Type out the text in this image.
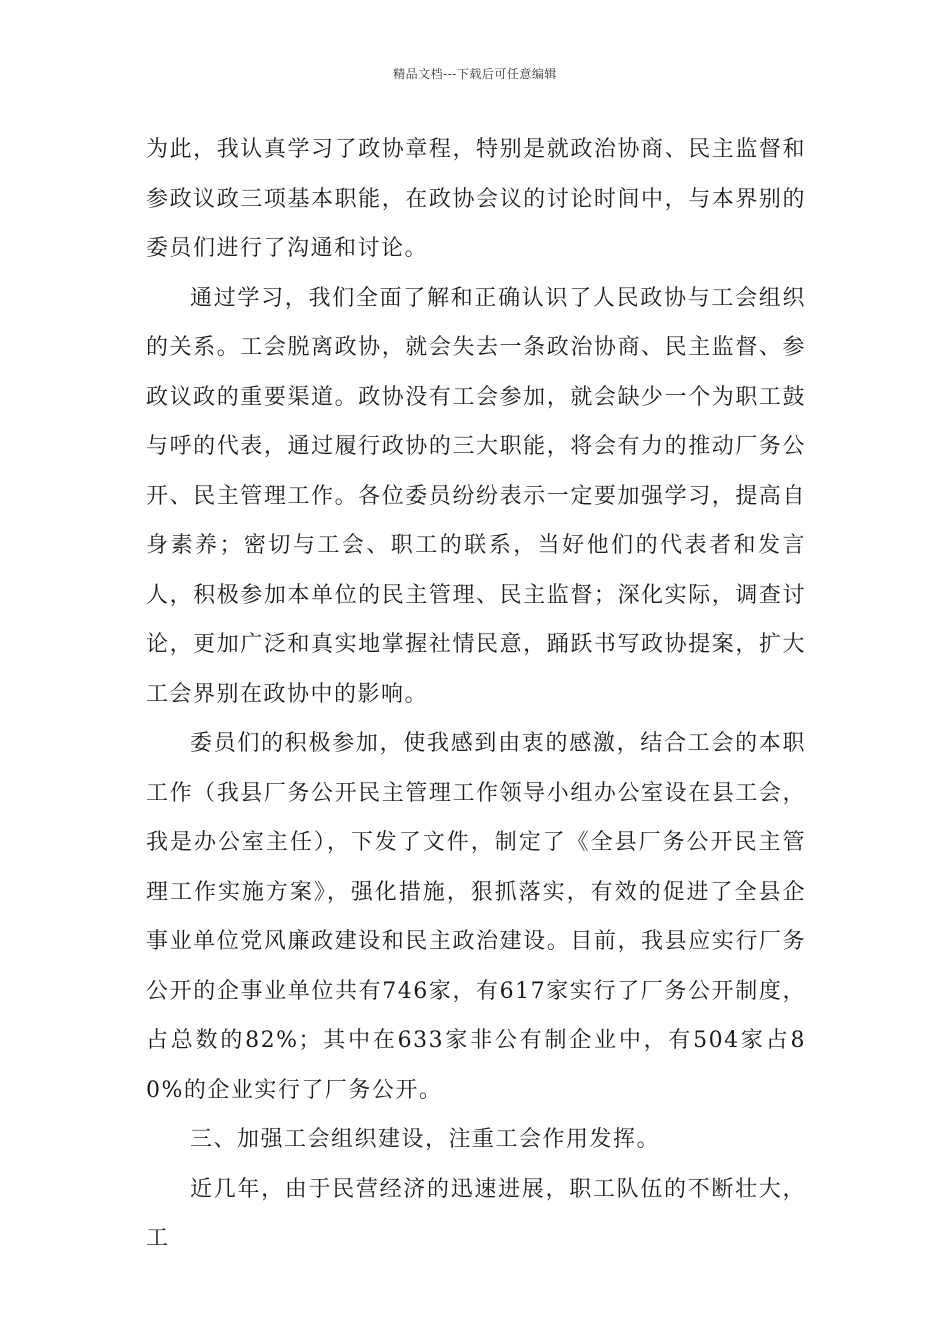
精品文档---下载后可任意编辑

为此，我认真学习了政协章程，特别是就政治协商、民主监督和参政议政三项基本职能，在政协会议的讨论时间中，与本界别的委员们进行了沟通和讨论。

通过学习，我们全面了解和正确认识了人民政协与工会组织的关系。工会脱离政协，就会失去一条政治协商、民主监督、参政议政的重要渠道。政协没有工会参加，就会缺少一个为职工鼓与呼的代表，通过履行政协的三大职能，将会有力的推动厂务公开、民主管理工作。各位委员纷纷表示一定要加强学习，提高自身素养；密切与工会、职工的联系，当好他们的代表者和发言人，积极参加本单位的民主管理、民主监督；深化实际，调查讨论，更加广泛和真实地掌握社情民意，踊跃书写政协提案，扩大工会界别在政协中的影响。

委员们的积极参加，使我感到由衷的感激，结合工会的本职工作（我县厂务公开民主管理工作领导小组办公室设在县工会，我是办公室主任），下发了文件，制定了《全县厂务公开民主管理工作实施方案》，强化措施，狠抓落实，有效的促进了全县企事业单位党风廉政建设和民主政治建设。目前，我县应实行厂务公开的企事业单位共有746家，有617家实行了厂务公开制度，占总数的82%；其中在633家非公有制企业中，有504家占80%的企业实行了厂务公开。

三、加强工会组织建设，注重工会作用发挥。

近几年，由于民营经济的迅速进展，职工队伍的不断壮大，工
